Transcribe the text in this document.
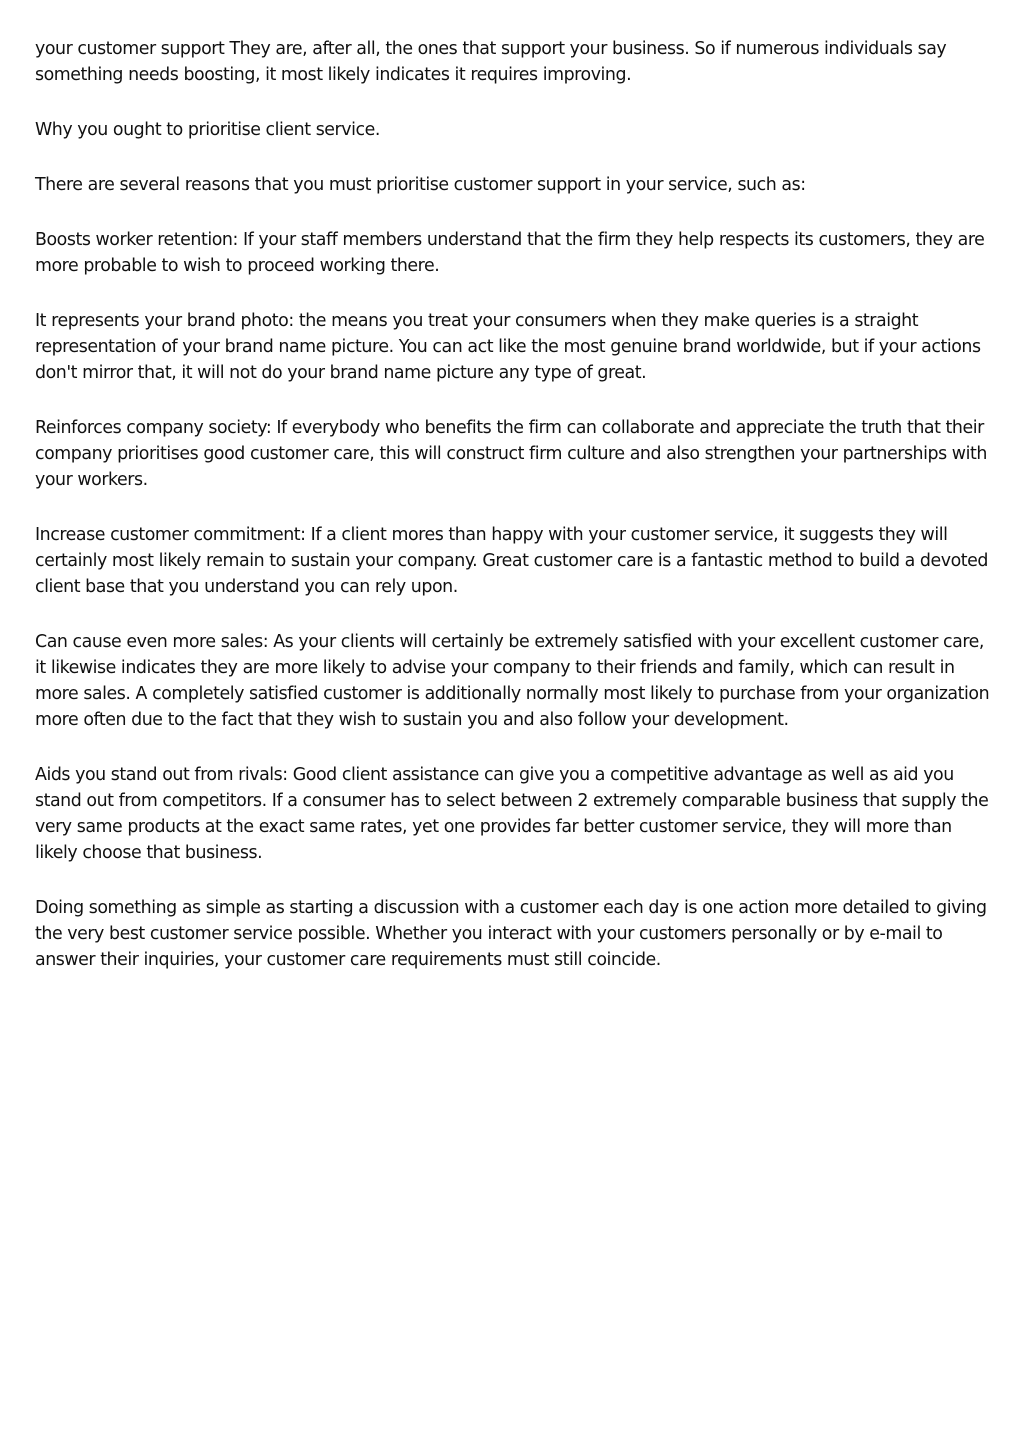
your customer support They are, after all, the ones that support your business. So if numerous individuals say something needs boosting, it most likely indicates it requires improving.

Why you ought to prioritise client service.

There are several reasons that you must prioritise customer support in your service, such as:

Boosts worker retention: If your staff members understand that the firm they help respects its customers, they are more probable to wish to proceed working there.

It represents your brand photo: the means you treat your consumers when they make queries is a straight representation of your brand name picture. You can act like the most genuine brand worldwide, but if your actions don't mirror that, it will not do your brand name picture any type of great.

Reinforces company society: If everybody who benefits the firm can collaborate and appreciate the truth that their company prioritises good customer care, this will construct firm culture and also strengthen your partnerships with your workers.

Increase customer commitment: If a client mores than happy with your customer service, it suggests they will certainly most likely remain to sustain your company. Great customer care is a fantastic method to build a devoted client base that you understand you can rely upon.

Can cause even more sales: As your clients will certainly be extremely satisfied with your excellent customer care, it likewise indicates they are more likely to advise your company to their friends and family, which can result in more sales. A completely satisfied customer is additionally normally most likely to purchase from your organization more often due to the fact that they wish to sustain you and also follow your development.

Aids you stand out from rivals: Good client assistance can give you a competitive advantage as well as aid you stand out from competitors. If a consumer has to select between 2 extremely comparable business that supply the very same products at the exact same rates, yet one provides far better customer service, they will more than likely choose that business.

Doing something as simple as starting a discussion with a customer each day is one action more detailed to giving the very best customer service possible. Whether you interact with your customers personally or by e-mail to answer their inquiries, your customer care requirements must still coincide.
